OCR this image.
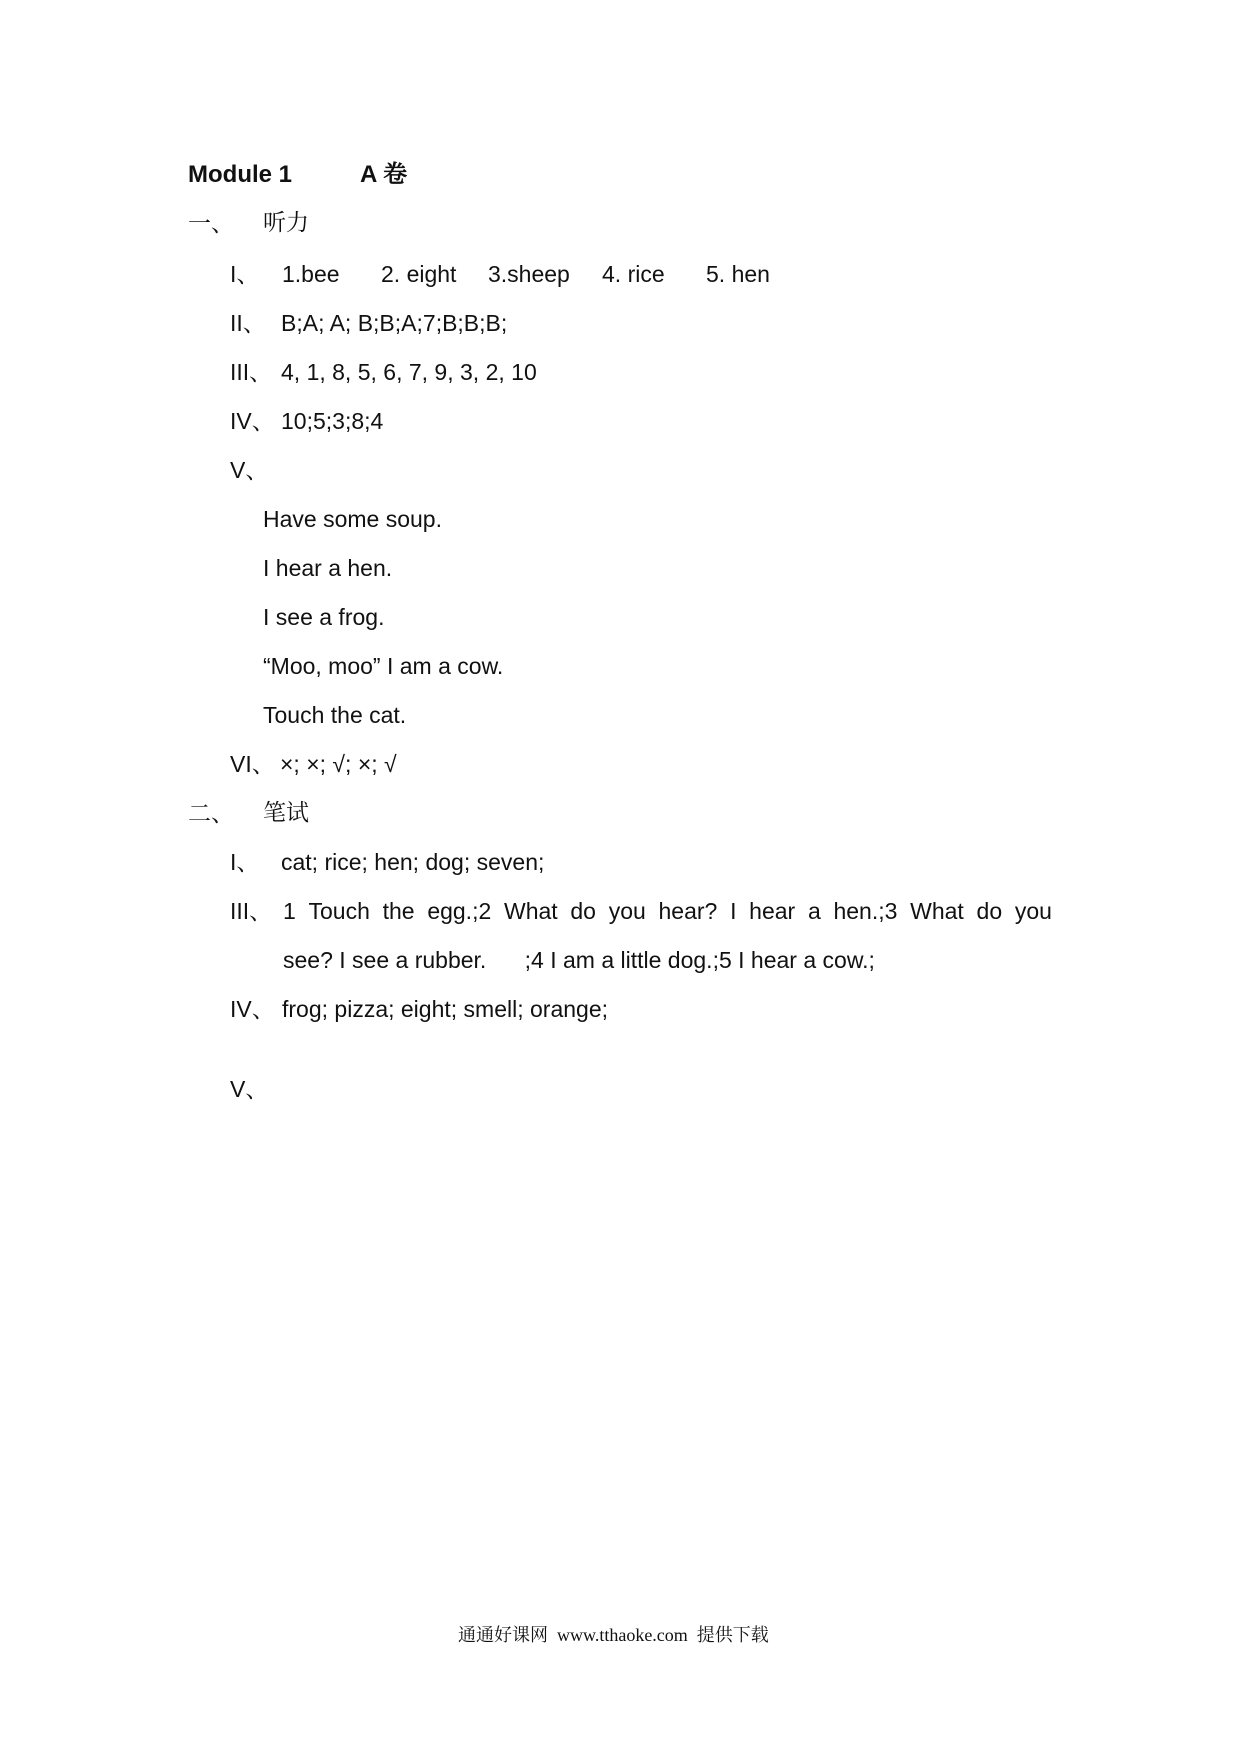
Module 1	A 卷
一、 听力
I、 1.bee 2. eight 3.sheep 4. rice 5. hen
II、 B;A; A; B;B;A;7;B;B;B;
III、 4, 1, 8, 5, 6, 7, 9, 3, 2, 10
IV、 10;5;3;8;4
V、
Have some soup.
I hear a hen.
I see a frog.
“Moo, moo” I am a cow.
Touch the cat.
VI、 ×; ×; √; ×; √
二、 笔试
I、 cat; rice; hen; dog; seven;
III、 1 Touch the egg.;2 What do you hear? I hear a hen.;3 What do you
see? I see a rubber.      ;4 I am a little dog.;5 I hear a cow.;
IV、 frog; pizza; eight; smell; orange;
V、
通通好课网  www.tthaoke.com  提供下载
